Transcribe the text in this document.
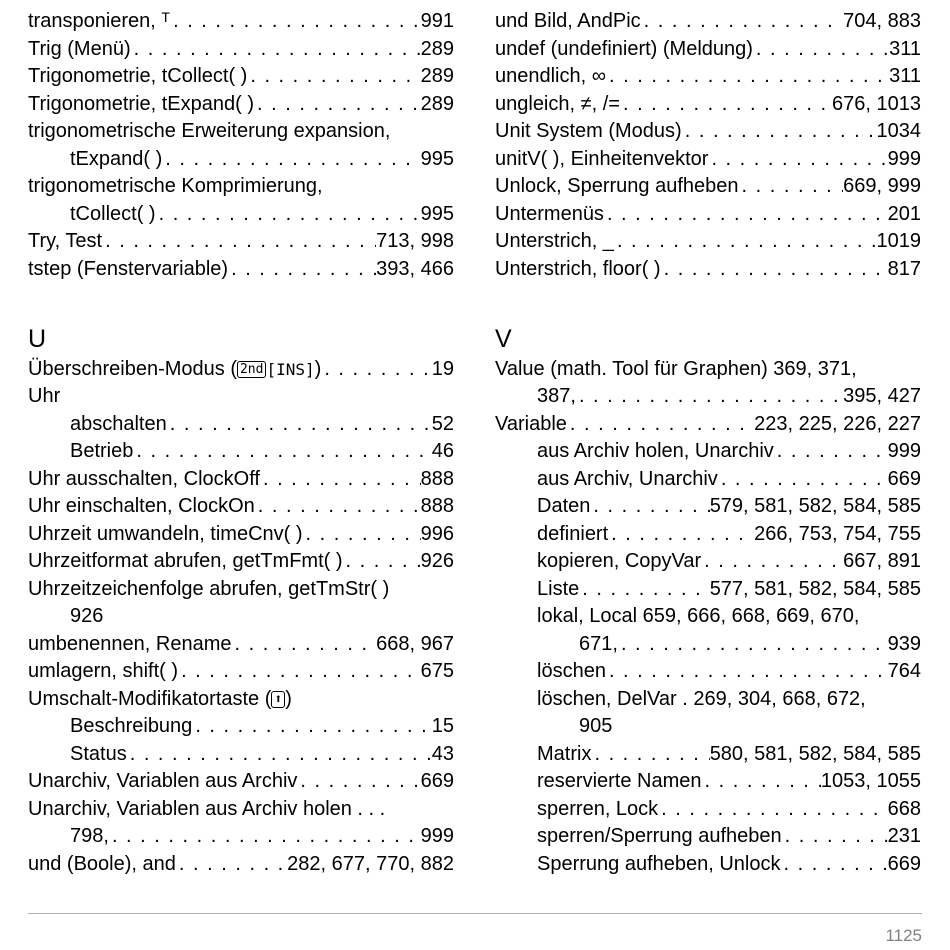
transponieren, ᵀ . . .	991
Trig (Menü) . . .	289
Trigonometrie, tCollect( ) . . .	289
Trigonometrie, tExpand( ) . . .	289
trigonometrische Erweiterung expansion,
tExpand( ) . . .	995
trigonometrische Komprimierung,
tCollect( ) . . .	995
Try, Test . . .	713, 998
tstep (Fenstervariable) . . .	393, 466
U
Überschreiben-Modus ( 2nd [INS]) . . .	19
Uhr
abschalten . . .	52
Betrieb . . .	46
Uhr ausschalten, ClockOff . . .	888
Uhr einschalten, ClockOn . . .	888
Uhrzeit umwandeln, timeCnv( ) . . .	996
Uhrzeitformat abrufen, getTmFmt( ) . . .	926
Uhrzeitzeichenfolge abrufen, getTmStr( )
926
umbenennen, Rename . . .	668, 967
umlagern, shift( ) . . .	675
Umschalt-Modifikatortaste ( ⬆ )
Beschreibung . . .	15
Status . . .	43
Unarchiv, Variablen aus Archiv . . .	669
Unarchiv, Variablen aus Archiv holen . . .
798, . . .	999
und (Boole), and . . .	282, 677, 770, 882
und Bild, AndPic . . .	704, 883
undef (undefiniert) (Meldung) . . .	311
unendlich, ∞ . . .	311
ungleich, ≠, /= . . .	676, 1013
Unit System (Modus) . . .	1034
unitV( ), Einheitenvektor . . .	999
Unlock, Sperrung aufheben . . .	669, 999
Untermenüs . . .	201
Unterstrich, _ . . .	1019
Unterstrich, floor( ) . . .	817
V
Value (math. Tool für Graphen) 369, 371,
387, . . .	395, 427
Variable . . .	223, 225, 226, 227
aus Archiv holen, Unarchiv . . .	999
aus Archiv, Unarchiv . . .	669
Daten . . .	579, 581, 582, 584, 585
definiert . . .	266, 753, 754, 755
kopieren, CopyVar . . .	667, 891
Liste . . .	577, 581, 582, 584, 585
lokal, Local 659, 666, 668, 669, 670,
671, . . .	939
löschen . . .	764
löschen, DelVar . 269, 304, 668, 672,
905
Matrix . . .	580, 581, 582, 584, 585
reservierte Namen . . .	1053, 1055
sperren, Lock . . .	668
sperren/Sperrung aufheben . . .	231
Sperrung aufheben, Unlock . . .	669
1125
